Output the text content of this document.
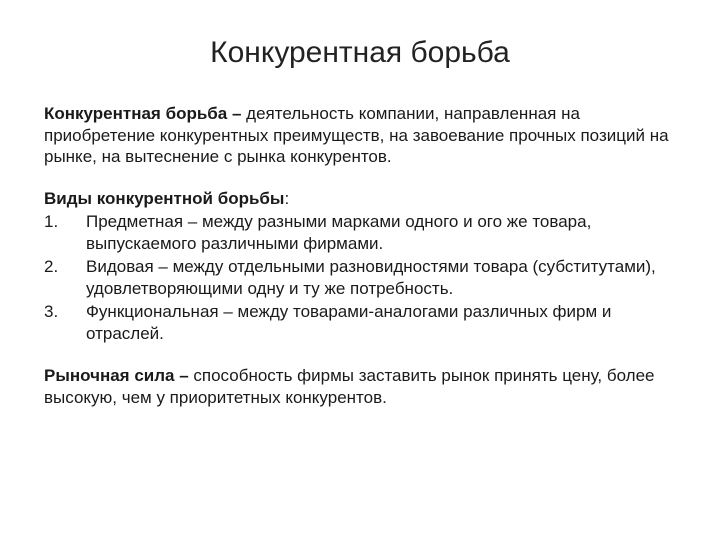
Конкурентная борьба

Конкурентная борьба – деятельность компании, направленная на приобретение конкурентных преимуществ, на завоевание прочных позиций на рынке, на вытеснение с рынка конкурентов.

Виды конкурентной борьбы:

1. Предметная – между разными марками одного и ого же товара, выпускаемого различными фирмами.
2. Видовая – между отдельными разновидностями товара (субститутами), удовлетворяющими одну и ту же потребность.
3. Функциональная – между товарами-аналогами различных фирм и отраслей.

Рыночная сила – способность фирмы заставить рынок принять цену, более высокую, чем у приоритетных конкурентов.
